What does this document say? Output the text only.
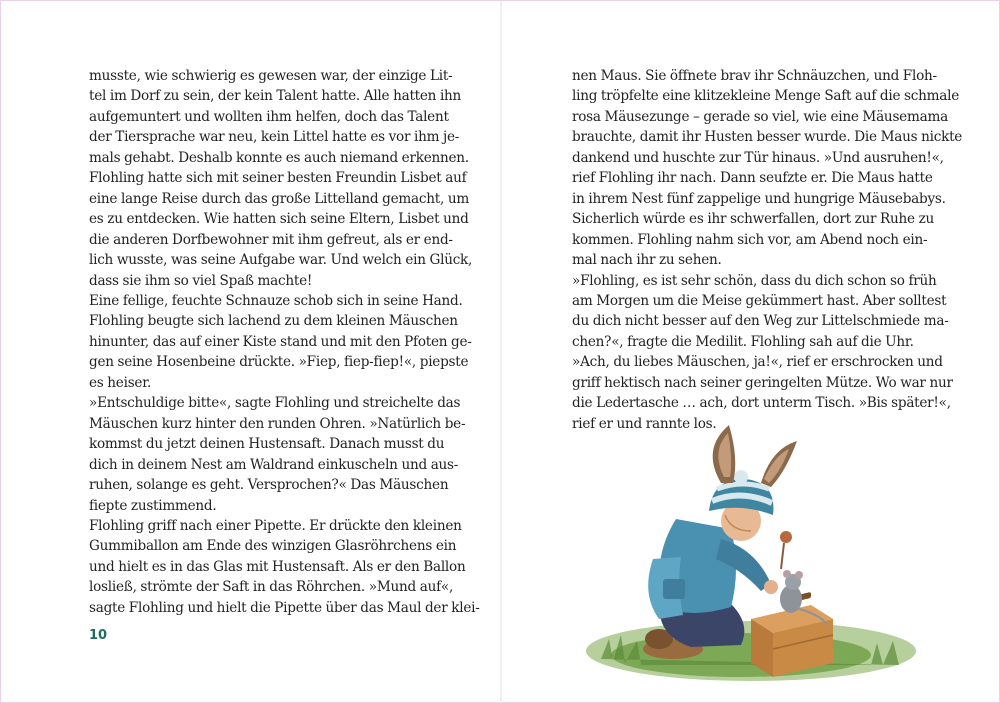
musste, wie schwierig es gewesen war, der einzige Lit-
tel im Dorf zu sein, der kein Talent hatte. Alle hatten ihn
aufgemuntert und wollten ihm helfen, doch das Talent
der Tiersprache war neu, kein Littel hatte es vor ihm je-
mals gehabt. Deshalb konnte es auch niemand erkennen.
Flohling hatte sich mit seiner besten Freundin Lisbet auf
eine lange Reise durch das große Littelland gemacht, um
es zu entdecken. Wie hatten sich seine Eltern, Lisbet und
die anderen Dorfbewohner mit ihm gefreut, als er end-
lich wusste, was seine Aufgabe war. Und welch ein Glück,
dass sie ihm so viel Spaß machte!
Eine fellige, feuchte Schnauze schob sich in seine Hand.
Flohling beugte sich lachend zu dem kleinen Mäuschen
hinunter, das auf einer Kiste stand und mit den Pfoten ge-
gen seine Hosenbeine drückte. »Fiep, fiep-fiep!«, piepste
es heiser.
»Entschuldige bitte«, sagte Flohling und streichelte das
Mäuschen kurz hinter den runden Ohren. »Natürlich be-
kommst du jetzt deinen Hustensaft. Danach musst du
dich in deinem Nest am Waldrand einkuscheln und aus-
ruhen, solange es geht. Versprochen?« Das Mäuschen
fiepte zustimmend.
Flohling griff nach einer Pipette. Er drückte den kleinen
Gummiballon am Ende des winzigen Glasröhrchens ein
und hielt es in das Glas mit Hustensaft. Als er den Ballon
losließ, strömte der Saft in das Röhrchen. »Mund auf«,
sagte Flohling und hielt die Pipette über das Maul der klei-
10
nen Maus. Sie öffnete brav ihr Schnäuzchen, und Floh-
ling tröpfelte eine klitzekleine Menge Saft auf die schmale
rosa Mäusezunge – gerade so viel, wie eine Mäusemama
brauchte, damit ihr Husten besser wurde. Die Maus nickte
dankend und huschte zur Tür hinaus. »Und ausruhen!«,
rief Flohling ihr nach. Dann seufzte er. Die Maus hatte
in ihrem Nest fünf zappelige und hungrige Mäusebabys.
Sicherlich würde es ihr schwerfallen, dort zur Ruhe zu
kommen. Flohling nahm sich vor, am Abend noch ein-
mal nach ihr zu sehen.
»Flohling, es ist sehr schön, dass du dich schon so früh
am Morgen um die Meise gekümmert hast. Aber solltest
du dich nicht besser auf den Weg zur Littelschmiede ma-
chen?«, fragte die Medilit. Flohling sah auf die Uhr.
»Ach, du liebes Mäuschen, ja!«, rief er erschrocken und
griff hektisch nach seiner geringelten Mütze. Wo war nur
die Ledertasche … ach, dort unterm Tisch. »Bis später!«,
rief er und rannte los.
